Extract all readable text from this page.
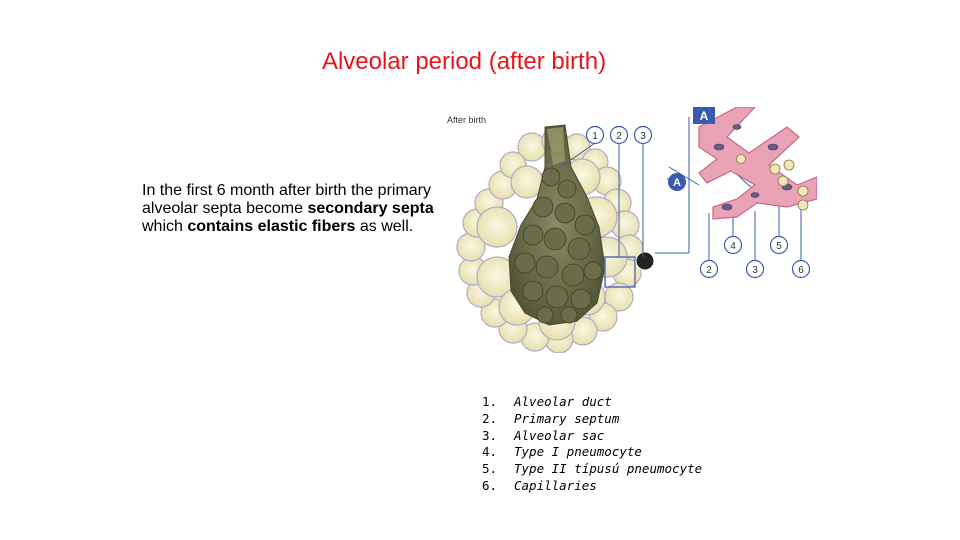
Alveolar period (after birth)
In the first 6 month after birth the primary alveolar septa become secondary septa which contains elastic fibers as well.
After birth	A
A
1 2 3
4	5
2	3	6
1.	Alveolar duct
2.	Primary septum
3.	Alveolar sac
4.	Type I pneumocyte
5.	Type II típusú pneumocyte
6.	Capillaries
